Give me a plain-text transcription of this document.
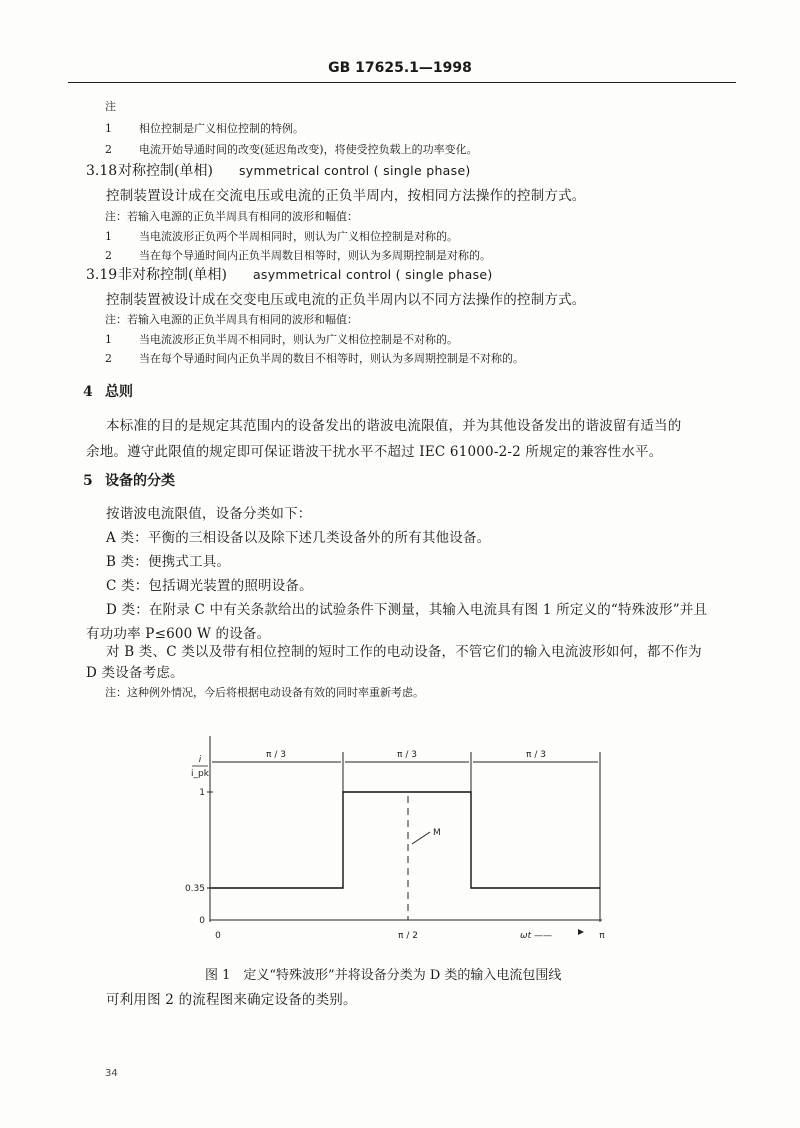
GB 17625.1—1998
注
1 相位控制是广义相位控制的特例。
2 电流开始导通时间的改变(延迟角改变)，将使受控负载上的功率变化。
3.18对称控制(单相) symmetrical control ( single phase)
控制装置设计成在交流电压或电流的正负半周内，按相同方法操作的控制方式。
注：若输入电源的正负半周具有相同的波形和幅值：
1 当电流波形正负两个半周相同时，则认为广义相位控制是对称的。
2 当在每个导通时间内正负半周数目相等时，则认为多周期控制是对称的。
3.19非对称控制(单相) asymmetrical control ( single phase)
控制装置被设计成在交变电压或电流的正负半周内以不同方法操作的控制方式。
注：若输入电源的正负半周具有相同的波形和幅值：
1 当电流波形正负半周不相同时，则认为广义相位控制是不对称的。
2 当在每个导通时间内正负半周的数目不相等时，则认为多周期控制是不对称的。
4 总则
本标准的目的是规定其范围内的设备发出的谐波电流限值，并为其他设备发出的谐波留有适当的
余地。遵守此限值的规定即可保证谐波干扰水平不超过 IEC 61000-2-2 所规定的兼容性水平。
5 设备的分类
按谐波电流限值，设备分类如下：
A 类：平衡的三相设备以及除下述几类设备外的所有其他设备。
B 类：便携式工具。
C 类：包括调光装置的照明设备。
D 类：在附录 C 中有关条款给出的试验条件下测量，其输入电流具有图 1 所定义的“特殊波形”并且
有功功率 P≤600 W 的设备。
对 B 类、C 类以及带有相位控制的短时工作的电动设备，不管它们的输入电流波形如何，都不作为
D 类设备考虑。
注：这种例外情况，今后将根据电动设备有效的同时率重新考虑。
π / 3	π / 3	π / 3
i
i_pk
M
1
0.35
0
0	π / 2	ωt ——	π
图 1　定义“特殊波形”并将设备分类为 D 类的输入电流包围线
可利用图 2 的流程图来确定设备的类别。
34
